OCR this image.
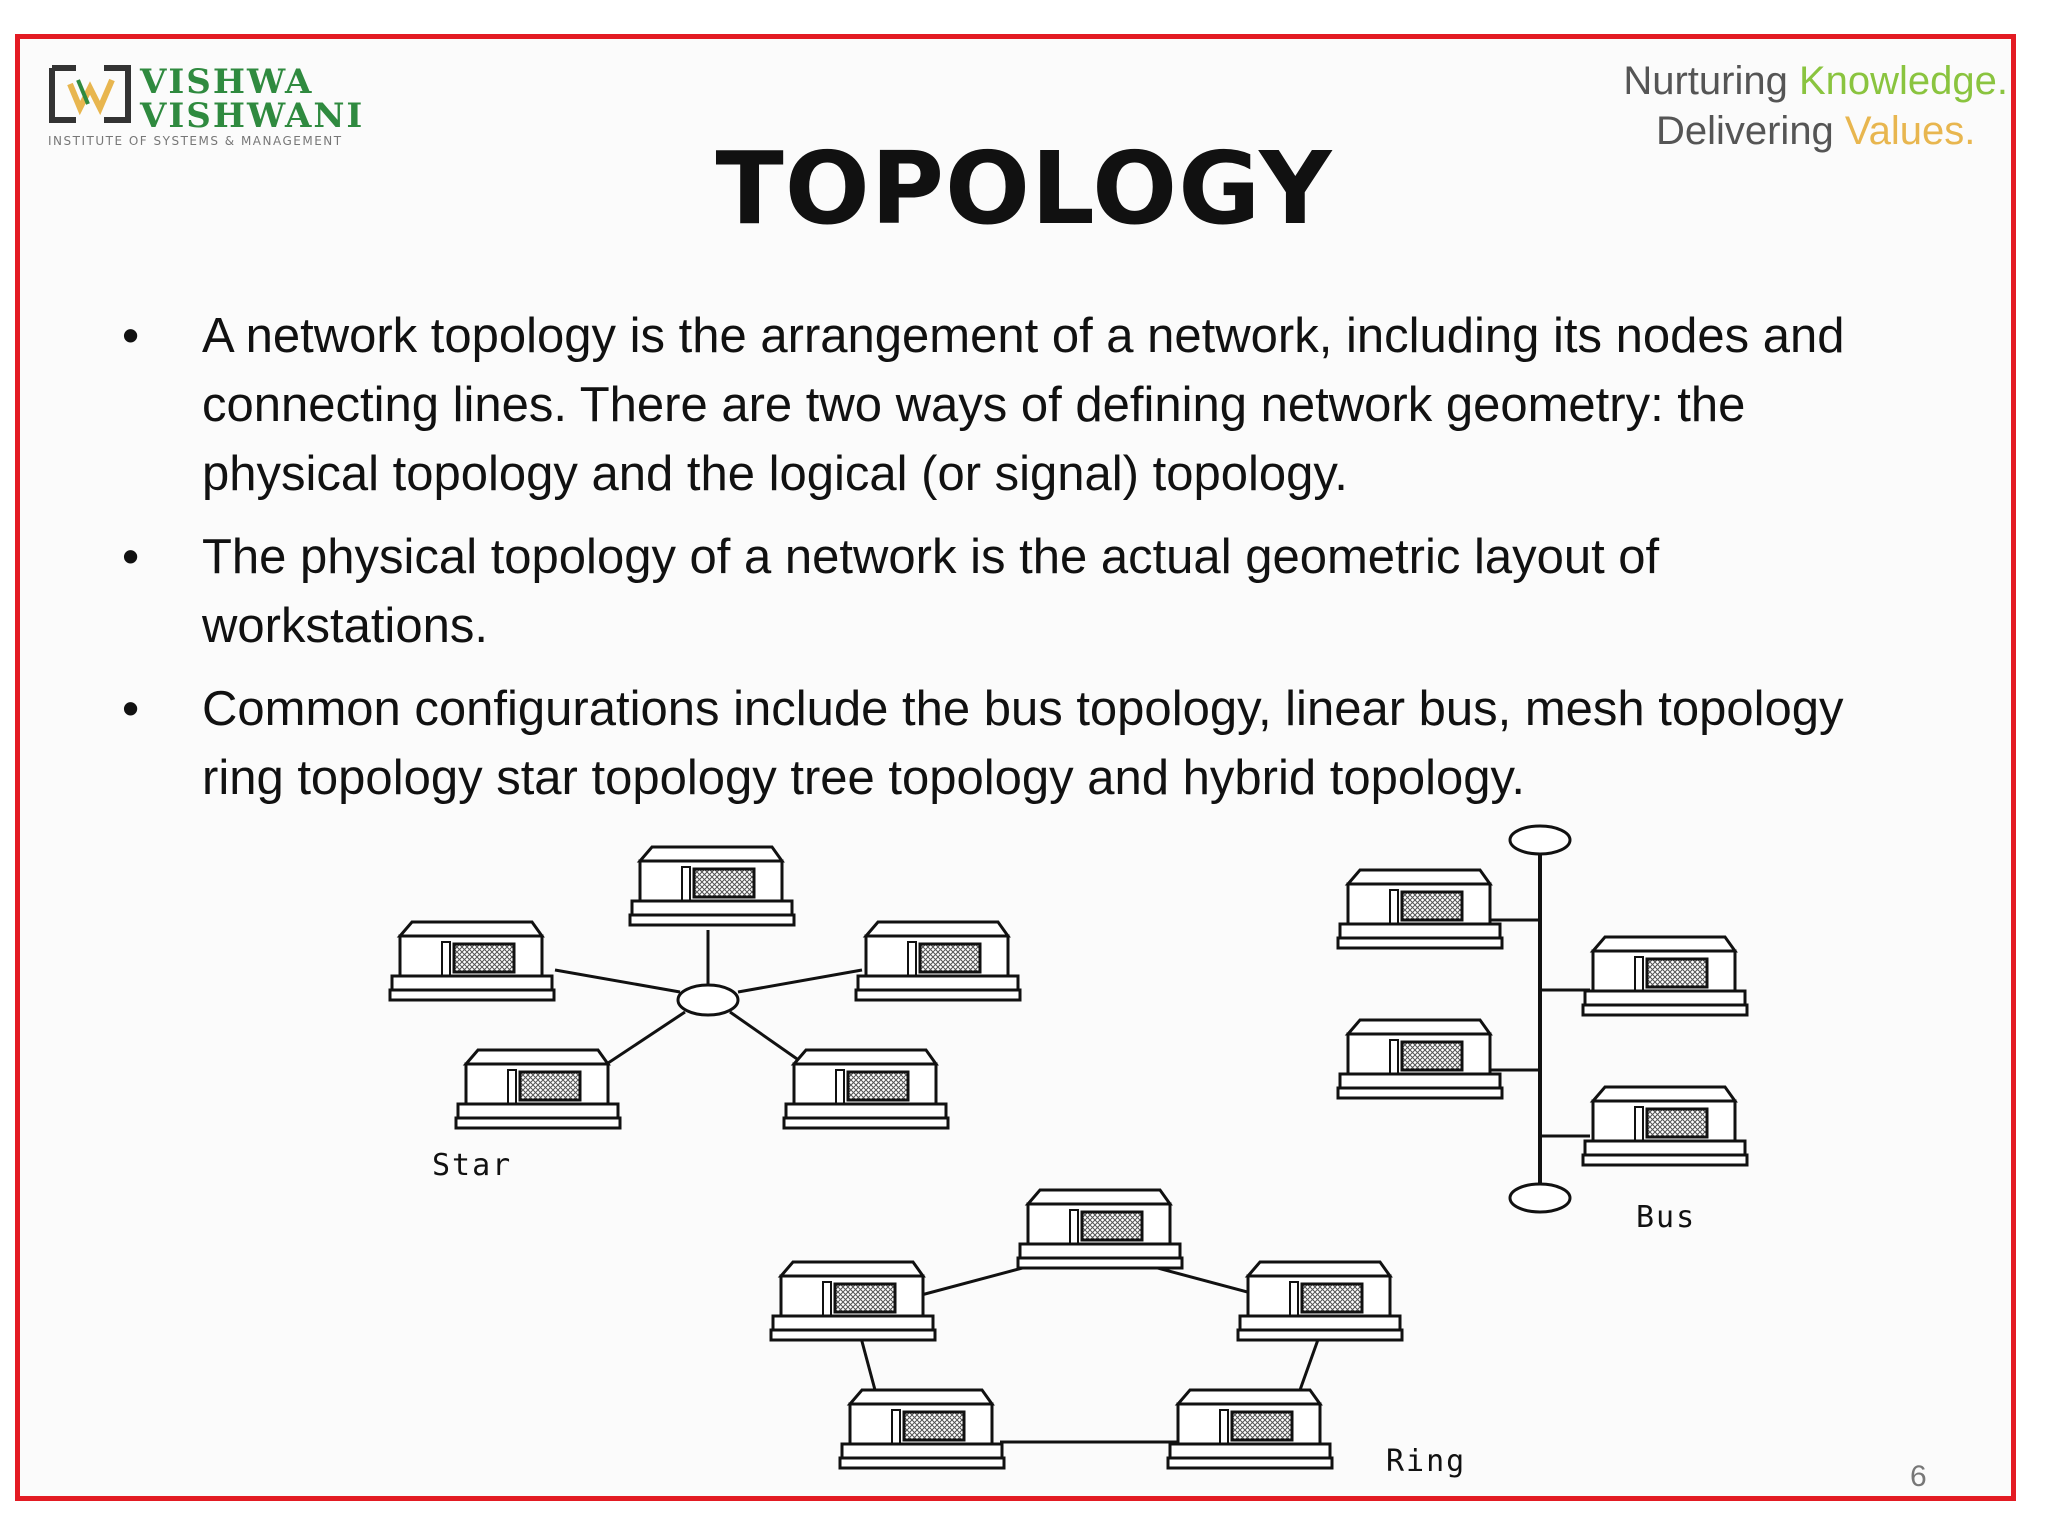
VISHWA
VISHWANI
INSTITUTE OF SYSTEMS & MANAGEMENT
Nurturing Knowledge.
Delivering Values.
TOPOLOGY
• A network topology is the arrangement of a network, including its nodes and connecting lines. There are two ways of defining network geometry: the physical topology and the logical (or signal) topology.
• The physical topology of a network is the actual geometric layout of workstations.
• Common configurations include the bus topology, linear bus, mesh topology ring topology star topology tree topology and hybrid topology.
Star
Bus
Ring	6
